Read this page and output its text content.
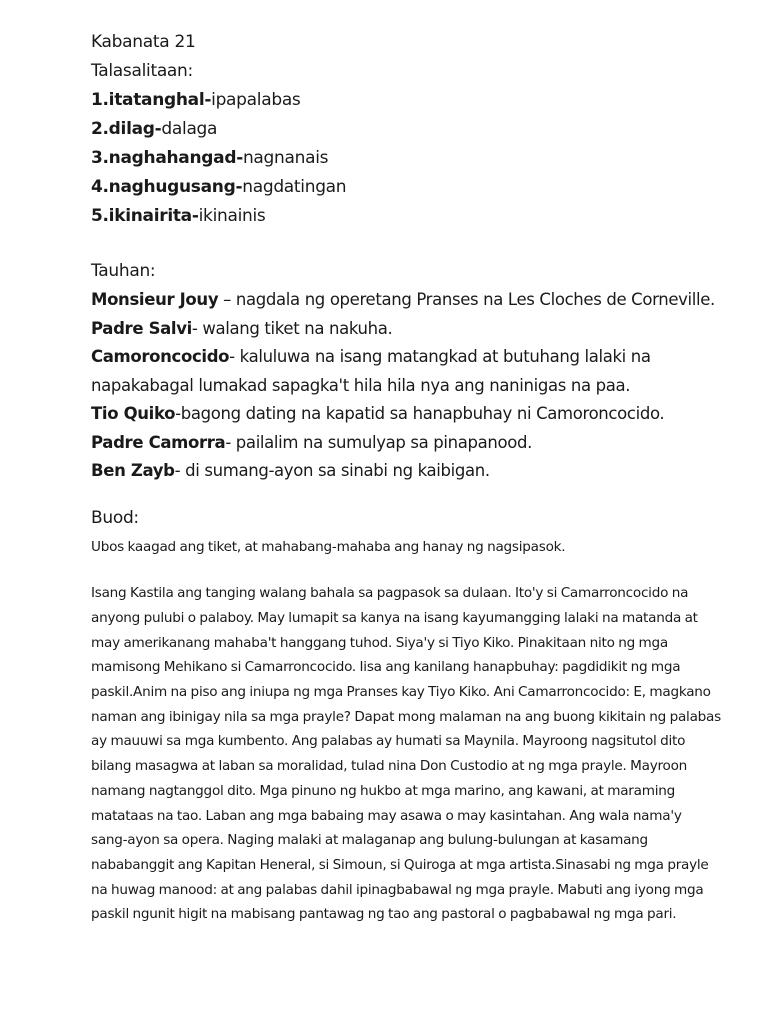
Kabanata 21
Talasalitaan:
1.itatanghal-ipapalabas
2.dilag-dalaga
3.naghahangad-nagnanais
4.naghugusang-nagdatingan
5.ikinairita-ikinainis
Tauhan:
Monsieur Jouy – nagdala ng operetang Pranses na Les Cloches de Corneville.
Padre Salvi- walang tiket na nakuha.
Camoroncocido- kaluluwa na isang matangkad at butuhang lalaki na napakabagal lumakad sapagka't hila hila nya ang naninigas na paa.
Tio Quiko-bagong dating na kapatid sa hanapbuhay ni Camoroncocido.
Padre Camorra- pailalim na sumulyap sa pinapanood.
Ben Zayb- di sumang-ayon sa sinabi ng kaibigan.
Buod:
Ubos kaagad ang tiket, at mahabang-mahaba ang hanay ng nagsipasok.
Isang Kastila ang tanging walang bahala sa pagpasok sa dulaan. Ito'y si Camarroncocido na anyong pulubi o palaboy. May lumapit sa kanya na isang kayumangging lalaki na matanda at may amerikanang mahaba't hanggang tuhod. Siya'y si Tiyo Kiko. Pinakitaan nito ng mga mamisong Mehikano si Camarroncocido. Iisa ang kanilang hanapbuhay: pagdidikit ng mga paskil.Anim na piso ang iniupa ng mga Pranses kay Tiyo Kiko. Ani Camarroncocido: E, magkano naman ang ibinigay nila sa mga prayle? Dapat mong malaman na ang buong kikitain ng palabas ay mauuwi sa mga kumbento. Ang palabas ay humati sa Maynila. Mayroong nagsitutol dito bilang masagwa at laban sa moralidad, tulad nina Don Custodio at ng mga prayle. Mayroon namang nagtanggol dito. Mga pinuno ng hukbo at mga marino, ang kawani, at maraming matataas na tao. Laban ang mga babaing may asawa o may kasintahan. Ang wala nama'y sang-ayon sa opera. Naging malaki at malaganap ang bulung-bulungan at kasamang nababanggit ang Kapitan Heneral, si Simoun, si Quiroga at mga artista.Sinasabi ng mga prayle na huwag manood: at ang palabas dahil ipinagbabawal ng mga prayle. Mabuti ang iyong mga paskil ngunit higit na mabisang pantawag ng tao ang pastoral o pagbabawal ng mga pari.
